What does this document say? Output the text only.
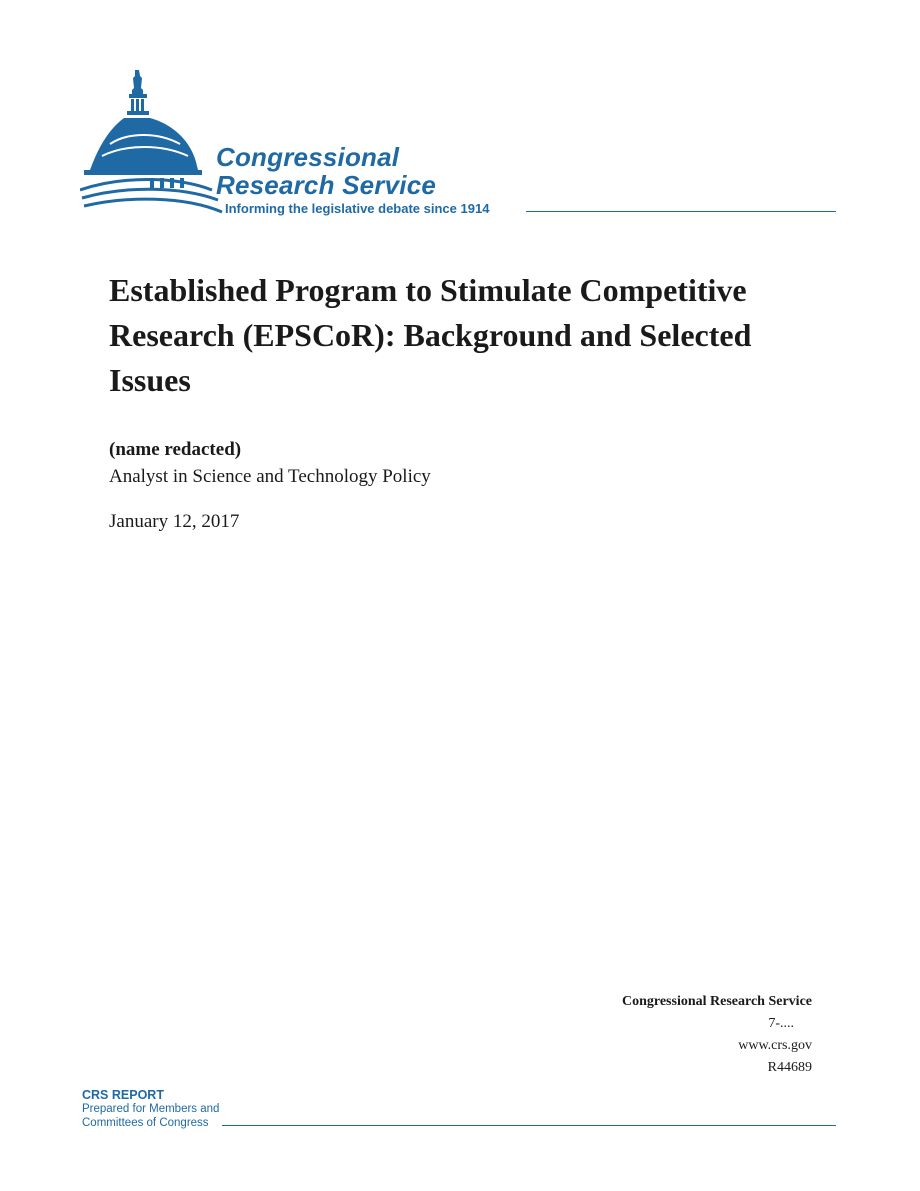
Congressional
Research Service
Informing the legislative debate since 1914
Established Program to Stimulate Competitive Research (EPSCoR): Background and Selected Issues
(name redacted)
Analyst in Science and Technology Policy
January 12, 2017
Congressional Research Service
7-....
www.crs.gov
R44689
CRS REPORT
Prepared for Members and
Committees of Congress
